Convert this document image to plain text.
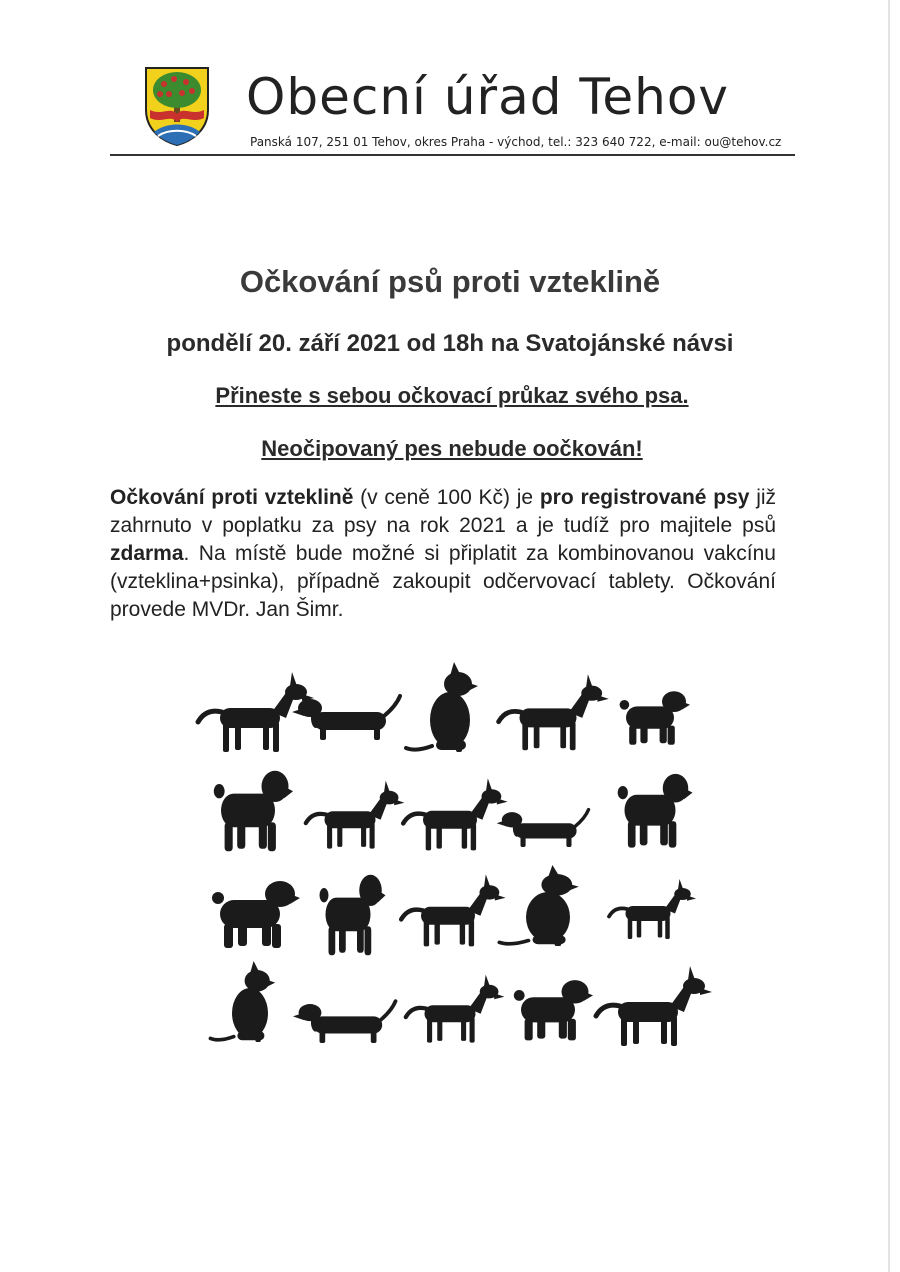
Obecní úřad Tehov
Panská 107, 251 01 Tehov, okres Praha - východ, tel.: 323 640 722, e-mail: ou@tehov.cz
Očkování psů proti vzteklině
pondělí 20. září 2021 od 18h na Svatojánské návsi
Přineste s sebou očkovací průkaz svého psa.
Neočipovaný pes nebude oočkován!
Očkování proti vzteklině (v ceně 100 Kč) je pro registrované psy již zahrnuto v poplatku za psy na rok 2021 a je tudíž pro majitele psů zdarma. Na místě bude možné si připlatit za kombinovanou vakcínu (vzteklina+psinka), případně zakoupit odčervovací tablety. Očkování provede MVDr. Jan Šimr.
